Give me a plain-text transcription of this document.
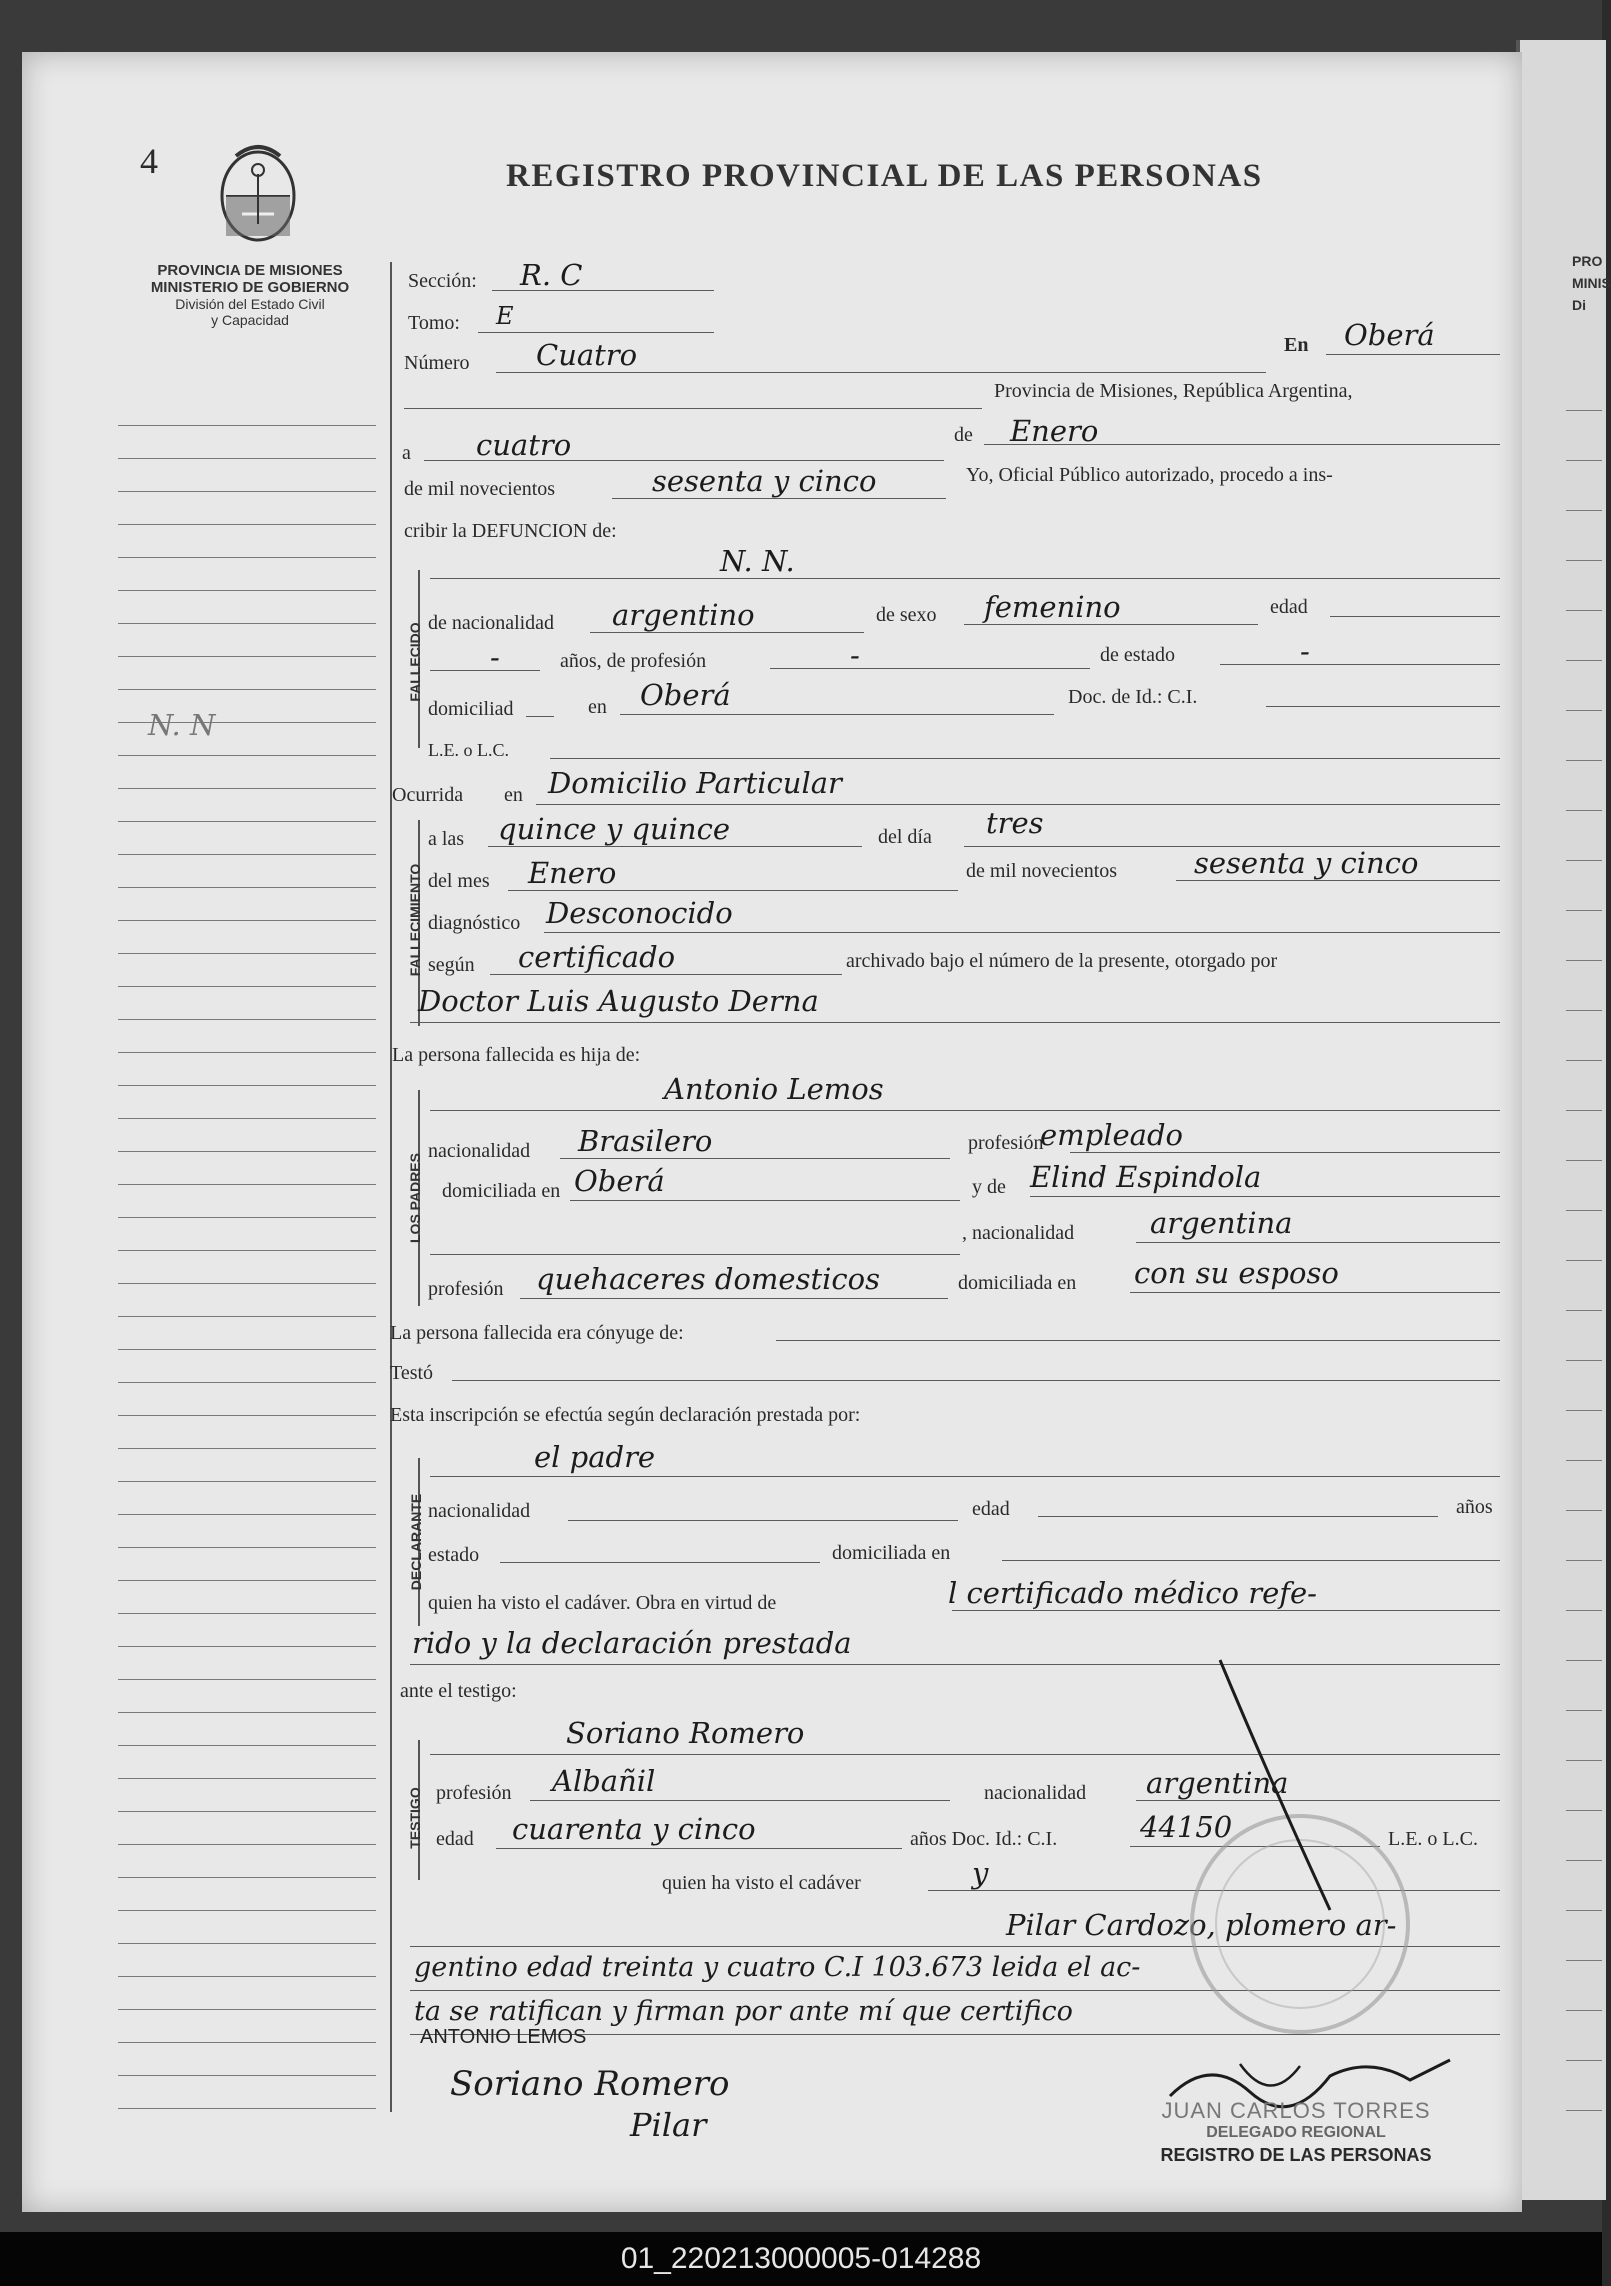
4	REGISTRO PROVINCIAL DE LAS PERSONAS
PROVINCIA DE MISIONES
MINISTERIO DE GOBIERNO
División del Estado Civil
y Capacidad
PRO
MINIS
Di
N. N
Sección: R. C
Tomo: E
Número Cuatro	En Oberá
Provincia de Misiones, República Argentina,
a cuatro	de Enero
de mil novecientos	sesenta y cinco	Yo, Oficial Público autorizado, procedo a ins-
cribir la DEFUNCION de:
FALLECIDO
N. N.
de nacionalidad argentino	de sexo femenino	edad
-	años, de profesión	-	de estado	-
domiciliad	en Oberá	Doc. de Id.: C.I.
L.E. o L.C.
Ocurrida en Domicilio Particular
FALLECIMIENTO
a las quince y quince	del día tres
del mes Enero	de mil novecientos	sesenta y cinco
diagnóstico Desconocido
según certificado	archivado bajo el número de la presente, otorgado por
Doctor Luis Augusto Derna
La persona fallecida es hija de:
LOS PADRES
Antonio Lemos
nacionalidad Brasilero	profesión
empleado
domiciliada en Oberá	y de Elind Espindola
, nacionalidad	argentina
profesión quehaceres domesticos	domiciliada en con su esposo
La persona fallecida era cónyuge de:
Testó
Esta inscripción se efectúa según declaración prestada por:
DECLARANTE
el padre
nacionalidad	edad	años
estado	domiciliada en
quien ha visto el cadáver. Obra en virtud de	l certificado médico refe-
rido y la declaración prestada
ante el testigo:
TESTIGO
Soriano Romero
profesión Albañil	nacionalidad argentina
edad cuarenta y cinco	años Doc. Id.: C.I.	44150	L.E. o L.C.
quien ha visto el cadáver	y
Pilar Cardozo, plomero ar-
gentino edad treinta y cuatro C.I 103.673 leida el ac-
ta se ratifican y firman por ante mí que certifico
ANTONIO LEMOS
Soriano Romero
Pilar	JUAN CARLOS TORRES
DELEGADO REGIONAL
REGISTRO DE LAS PERSONAS
01_220213000005-014288
